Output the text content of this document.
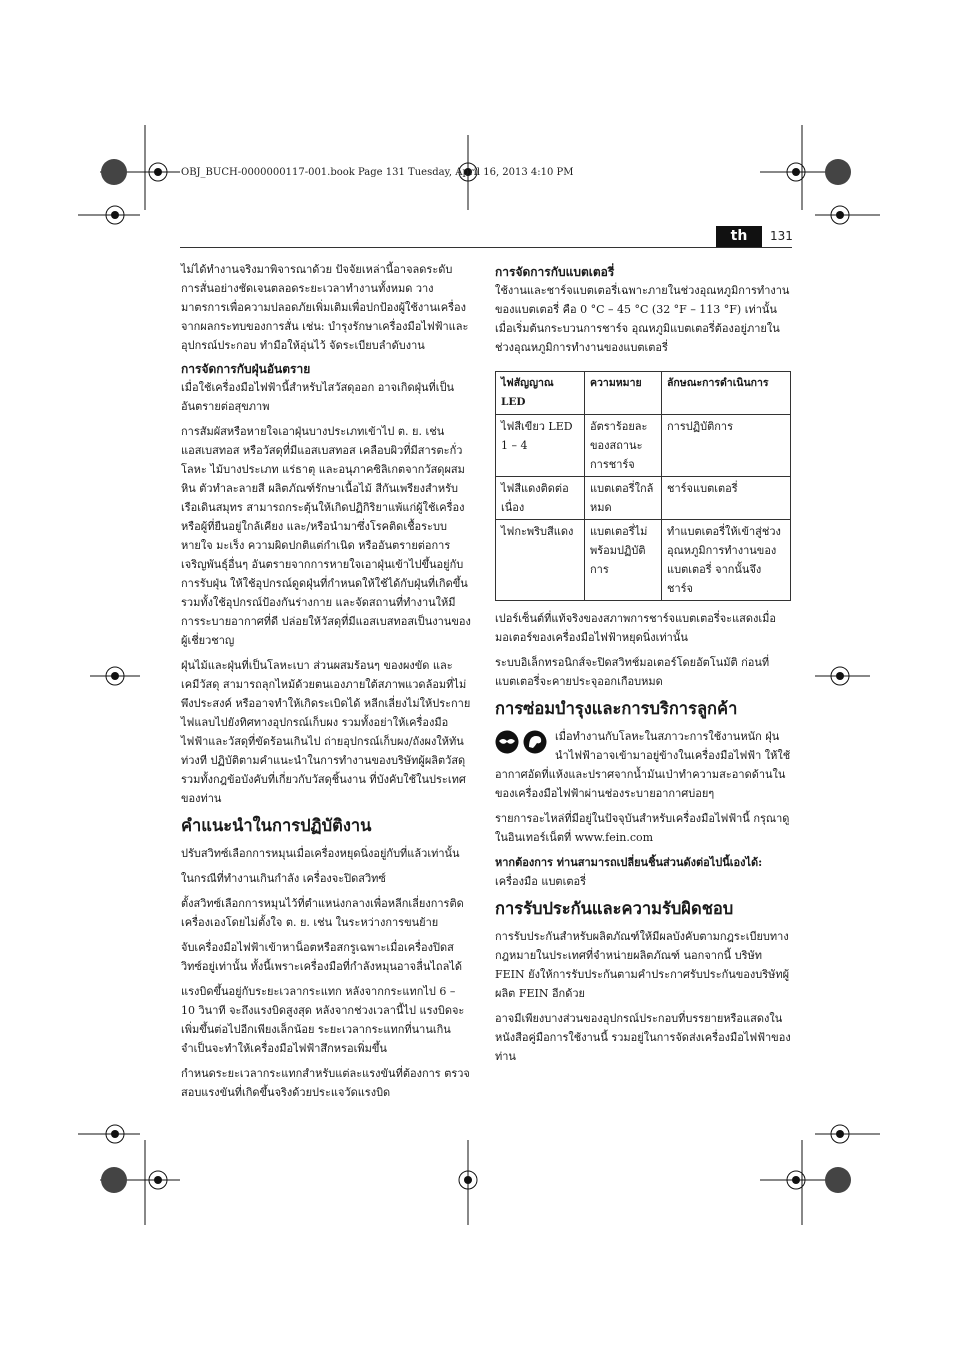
OBJ_BUCH-0000000117-001.book Page 131 Tuesday, April 16, 2013 4:10 PM
th	131

ไม่ได้ทำงานจริงมาพิจารณาด้วย ปัจจัยเหล่านี้อาจลดระดับการสั่นอย่างชัดเจนตลอดระยะเวลาทำงานทั้งหมด วางมาตรการเพื่อความปลอดภัยเพิ่มเติมเพื่อปกป้องผู้ใช้งานเครื่องจากผลกระทบของการสั่น เช่น: บำรุงรักษาเครื่องมือไฟฟ้าและอุปกรณ์ประกอบ ทำมือให้อุ่นไว้ จัดระเบียบลำดับงาน

การจัดการกับฝุ่นอันตราย

เมื่อใช้เครื่องมือไฟฟ้านี้สำหรับไสวัสดุออก อาจเกิดฝุ่นที่เป็นอันตรายต่อสุขภาพ

การสัมผัสหรือหายใจเอาฝุ่นบางประเภทเข้าไป ต. ย. เช่น แอสเบสทอส หรือวัสดุที่มีแอสเบสทอส เคลือบผิวที่มีสารตะกั่ว โลหะ ไม้บางประเภท แร่ธาตุ และอนุภาคซิลิเกตจากวัสดุผสมหิน ตัวทำละลายสี ผลิตภัณฑ์รักษาเนื้อไม้ สีกันเพรียงสำหรับเรือเดินสมุทร สามารถกระตุ้นให้เกิดปฏิกิริยาแพ้แก่ผู้ใช้เครื่องหรือผู้ที่ยืนอยู่ใกล้เคียง และ/หรือนำมาซึ่งโรคติดเชื้อระบบหายใจ มะเร็ง ความผิดปกติแต่กำเนิด หรืออันตรายต่อการเจริญพันธุ์อื่นๆ อันตรายจากการหายใจเอาฝุ่นเข้าไปขึ้นอยู่กับการรับฝุ่น ให้ใช้อุปกรณ์ดูดฝุ่นที่กำหนดให้ใช้ได้กับฝุ่นที่เกิดขึ้น รวมทั้งใช้อุปกรณ์ป้องกันร่างกาย และจัดสถานที่ทำงานให้มีการระบายอากาศที่ดี ปล่อยให้วัสดุที่มีแอสเบสทอสเป็นงานของผู้เชี่ยวชาญ

ฝุ่นไม้และฝุ่นที่เป็นโลหะเบา ส่วนผสมร้อนๆ ของผงขัด และเคมีวัสดุ สามารถลุกไหม้ด้วยตนเองภายใต้สภาพแวดล้อมที่ไม่พึงประสงค์ หรืออาจทำให้เกิดระเบิดได้ หลีกเลี่ยงไม่ให้ประกายไฟแลบไปยังทิศทางอุปกรณ์เก็บผง รวมทั้งอย่าให้เครื่องมือไฟฟ้าและวัสดุที่ขัดร้อนเกินไป ถ่ายอุปกรณ์เก็บผง/ถังผงให้ทันท่วงที ปฏิบัติตามคำแนะนำในการทำงานของบริษัทผู้ผลิตวัสดุ รวมทั้งกฎข้อบังคับที่เกี่ยวกับวัสดุชิ้นงาน ที่บังคับใช้ในประเทศของท่าน

คำแนะนำในการปฏิบัติงาน

ปรับสวิทซ์เลือกการหมุนเมื่อเครื่องหยุดนิ่งอยู่กับที่แล้วเท่านั้น

ในกรณีที่ทำงานเกินกำลัง เครื่องจะปิดสวิทซ์

ตั้งสวิทซ์เลือกการหมุนไว้ที่ตำแหน่งกลางเพื่อหลีกเลี่ยงการติดเครื่องเองโดยไม่ตั้งใจ ต. ย. เช่น ในระหว่างการขนย้าย

จับเครื่องมือไฟฟ้าเข้าหาน็อตหรือสกรูเฉพาะเมื่อเครื่องปิดสวิทซ์อยู่เท่านั้น ทั้งนี้เพราะเครื่องมือที่กำลังหมุนอาจลื่นไถลได้

แรงบิดขึ้นอยู่กับระยะเวลากระแทก หลังจากกระแทกไป 6 – 10 วินาที จะถึงแรงบิดสูงสุด หลังจากช่วงเวลานี้ไป แรงบิดจะเพิ่มขึ้นต่อไปอีกเพียงเล็กน้อย ระยะเวลากระแทกที่นานเกินจำเป็นจะทำให้เครื่องมือไฟฟ้าสึกหรอเพิ่มขึ้น

กำหนดระยะเวลากระแทกสำหรับแต่ละแรงขันที่ต้องการ ตรวจสอบแรงขันที่เกิดขึ้นจริงด้วยประแจวัดแรงบิด

การจัดการกับแบตเตอรี่

ใช้งานและชาร์จแบตเตอรี่เฉพาะภายในช่วงอุณหภูมิการทำงานของแบตเตอรี่ คือ 0 °C – 45 °C (32 °F – 113 °F) เท่านั้น เมื่อเริ่มต้นกระบวนการชาร์จ อุณหภูมิแบตเตอรี่ต้องอยู่ภายในช่วงอุณหภูมิการทำงานของแบตเตอรี่

ไฟสัญญาณ LED	ความหมาย	ลักษณะการดำเนินการ
ไฟสีเขียว LED 1 – 4	อัตราร้อยละของสถานะการชาร์จ	การปฏิบัติการ
ไฟสีแดงติดต่อเนื่อง	แบตเตอรี่ใกล้หมด	ชาร์จแบตเตอรี่
ไฟกะพริบสีแดง	แบตเตอรี่ไม่พร้อมปฏิบัติการ	ทำแบตเตอรี่ให้เข้าสู่ช่วงอุณหภูมิการทำงานของแบตเตอรี่ จากนั้นจึงชาร์จ

เปอร์เซ็นต์ที่แท้จริงของสภาพการชาร์จแบตเตอรี่จะแสดงเมื่อมอเตอร์ของเครื่องมือไฟฟ้าหยุดนิ่งเท่านั้น

ระบบอิเล็กทรอนิกส์จะปิดสวิทช์มอเตอร์โดยอัตโนมัติ ก่อนที่แบตเตอรี่จะคายประจุออกเกือบหมด

การซ่อมบำรุงและการบริการลูกค้า

เมื่อทำงานกับโลหะในสภาวะการใช้งานหนัก ฝุ่นนำไฟฟ้าอาจเข้ามาอยู่ข้างในเครื่องมือไฟฟ้า ให้ใช้อากาศอัดที่แห้งและปราศจากน้ำมันเป่าทำความสะอาดด้านในของเครื่องมือไฟฟ้าผ่านช่องระบายอากาศบ่อยๆ

รายการอะไหล่ที่มีอยู่ในปัจจุบันสำหรับเครื่องมือไฟฟ้านี้ กรุณาดูในอินเทอร์เน็ตที่ www.fein.com

หากต้องการ ท่านสามารถเปลี่ยนชิ้นส่วนดังต่อไปนี้เองได้:
เครื่องมือ แบตเตอรี่

การรับประกันและความรับผิดชอบ

การรับประกันสำหรับผลิตภัณฑ์ให้มีผลบังคับตามกฎระเบียบทางกฎหมายในประเทศที่จำหน่ายผลิตภัณฑ์ นอกจากนี้ บริษัท FEIN ยังให้การรับประกันตามคำประกาศรับประกันของบริษัทผู้ผลิต FEIN อีกด้วย

อาจมีเพียงบางส่วนของอุปกรณ์ประกอบที่บรรยายหรือแสดงในหนังสือคู่มือการใช้งานนี้ รวมอยู่ในการจัดส่งเครื่องมือไฟฟ้าของท่าน
